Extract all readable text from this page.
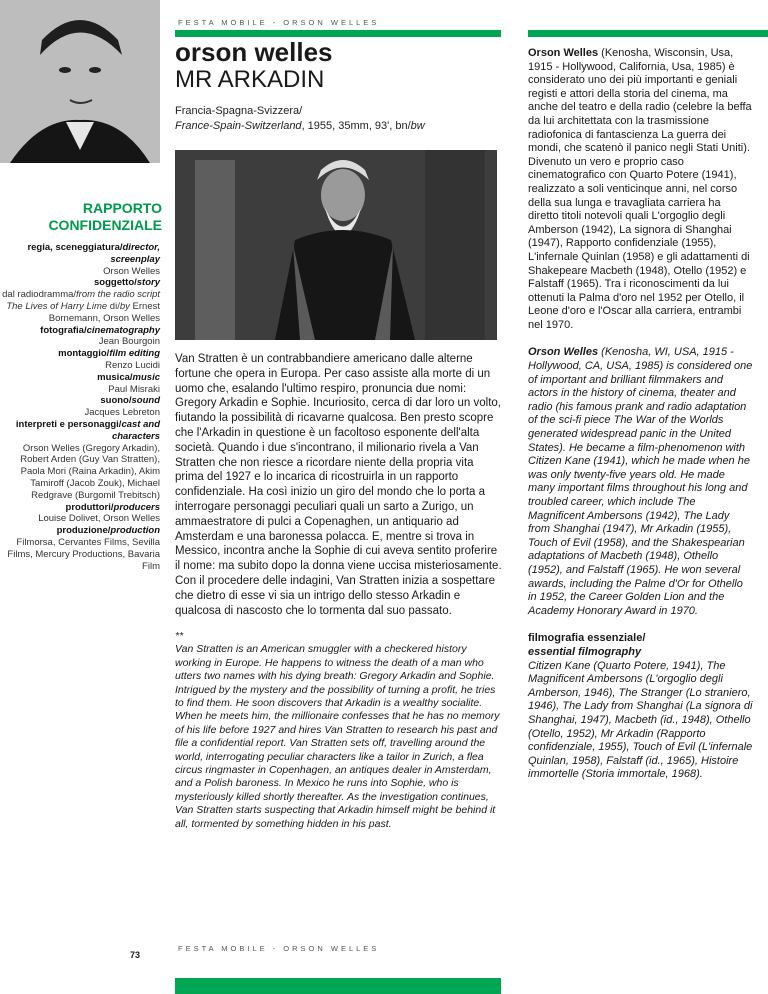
FESTA MOBILE - ORSON WELLES
orson welles
MR ARKADIN
Francia-Spagna-Svizzera/
France-Spain-Switzerland, 1955, 35mm, 93', bn/bw
RAPPORTO
CONFIDENZIALE
regia, sceneggiatura/director, screenplay
Orson Welles
soggetto/story
dal radiodramma/from the radio script The Lives of Harry Lime di/by Ernest Bornemann, Orson Welles
fotografia/cinematography
Jean Bourgoin
montaggio/film editing
Renzo Lucidi
musica/music
Paul Misraki
suono/sound
Jacques Lebreton
interpreti e personaggi/cast and characters
Orson Welles (Gregory Arkadin), Robert Arden (Guy Van Stratten), Paola Mori (Raina Arkadin), Akim Tamiroff (Jacob Zouk), Michael Redgrave (Burgomil Trebitsch)
produttori/producers
Louise Dolivet, Orson Welles
produzione/production
Filmorsa, Cervantes Films, Sevilla Films, Mercury Productions, Bavaria Film
Van Stratten è un contrabbandiere americano dalle alterne fortune che opera in Europa. Per caso assiste alla morte di un uomo che, esalando l'ultimo respiro, pronuncia due nomi: Gregory Arkadin e Sophie. Incuriosito, cerca di dar loro un volto, fiutando la possibilità di ricavarne qualcosa. Ben presto scopre che l'Arkadin in questione è un facoltoso esponente dell'alta società. Quando i due s'incontrano, il milionario rivela a Van Stratten che non riesce a ricordare niente della propria vita prima del 1927 e lo incarica di ricostruirla in un rapporto confidenziale. Ha così inizio un giro del mondo che lo porta a interrogare personaggi peculiari quali un sarto a Zurigo, un ammaestratore di pulci a Copenaghen, un antiquario ad Amsterdam e una baronessa polacca. E, mentre si trova in Messico, incontra anche la Sophie di cui aveva sentito proferire il nome: ma subito dopo la donna viene uccisa misteriosamente. Con il procedere delle indagini, Van Stratten inizia a sospettare che dietro di esse vi sia un intrigo dello stesso Arkadin e qualcosa di nascosto che lo tormenta dal suo passato.
**
Van Stratten is an American smuggler with a checkered history working in Europe. He happens to witness the death of a man who utters two names with his dying breath: Gregory Arkadin and Sophie. Intrigued by the mystery and the possibility of turning a profit, he tries to find them. He soon discovers that Arkadin is a wealthy socialite. When he meets him, the millionaire confesses that he has no memory of his life before 1927 and hires Van Stratten to research his past and file a confidential report. Van Stratten sets off, travelling around the world, interrogating peculiar characters like a tailor in Zurich, a flea circus ringmaster in Copenhagen, an antiques dealer in Amsterdam, and a Polish baroness. In Mexico he runs into Sophie, who is mysteriously killed shortly thereafter. As the investigation continues, Van Stratten starts suspecting that Arkadin himself might be behind it all, tormented by something hidden in his past.

Orson Welles (Kenosha, Wisconsin, Usa, 1915 - Hollywood, California, Usa, 1985) è considerato uno dei più importanti e geniali registi e attori della storia del cinema, ma anche del teatro e della radio (celebre la beffa da lui architettata con la trasmissione radiofonica di fantascienza La guerra dei mondi, che scatenò il panico negli Stati Uniti). Divenuto un vero e proprio caso cinematografico con Quarto Potere (1941), realizzato a soli venticinque anni, nel corso della sua lunga e travagliata carriera ha diretto titoli notevoli quali L'orgoglio degli Amberson (1942), La signora di Shanghai (1947), Rapporto confidenziale (1955), L'infernale Quinlan (1958) e gli adattamenti di Shakepeare Macbeth (1948), Otello (1952) e Falstaff (1965). Tra i riconoscimenti da lui ottenuti la Palma d'oro nel 1952 per Otello, il Leone d'oro e l'Oscar alla carriera, entrambi nel 1970.

Orson Welles (Kenosha, WI, USA, 1915 - Hollywood, CA, USA, 1985) is considered one of important and brilliant filmmakers and actors in the history of cinema, theater and radio (his famous prank and radio adaptation of the sci-fi piece The War of the Worlds generated widespread panic in the United States). He became a film-phenomenon with Citizen Kane (1941), which he made when he was only twenty-five years old. He made many important films throughout his long and troubled career, which include The Magnificent Ambersons (1942), The Lady from Shanghai (1947), Mr Arkadin (1955), Touch of Evil (1958), and the Shakespearian adaptations of Macbeth (1948), Othello (1952), and Falstaff (1965). He won several awards, including the Palme d'Or for Othello in 1952, the Career Golden Lion and the Academy Honorary Award in 1970.

filmografia essenziale/
essential filmography
Citizen Kane (Quarto Potere, 1941), The Magnificent Ambersons (L'orgoglio degli Amberson, 1946), The Stranger (Lo straniero, 1946), The Lady from Shanghai (La signora di Shanghai, 1947), Macbeth (id., 1948), Othello (Otello, 1952), Mr Arkadin (Rapporto confidenziale, 1955), Touch of Evil (L'infernale Quinlan, 1958), Falstaff (id., 1965), Histoire immortelle (Storia immortale, 1968).

73
FESTA MOBILE - ORSON WELLES
